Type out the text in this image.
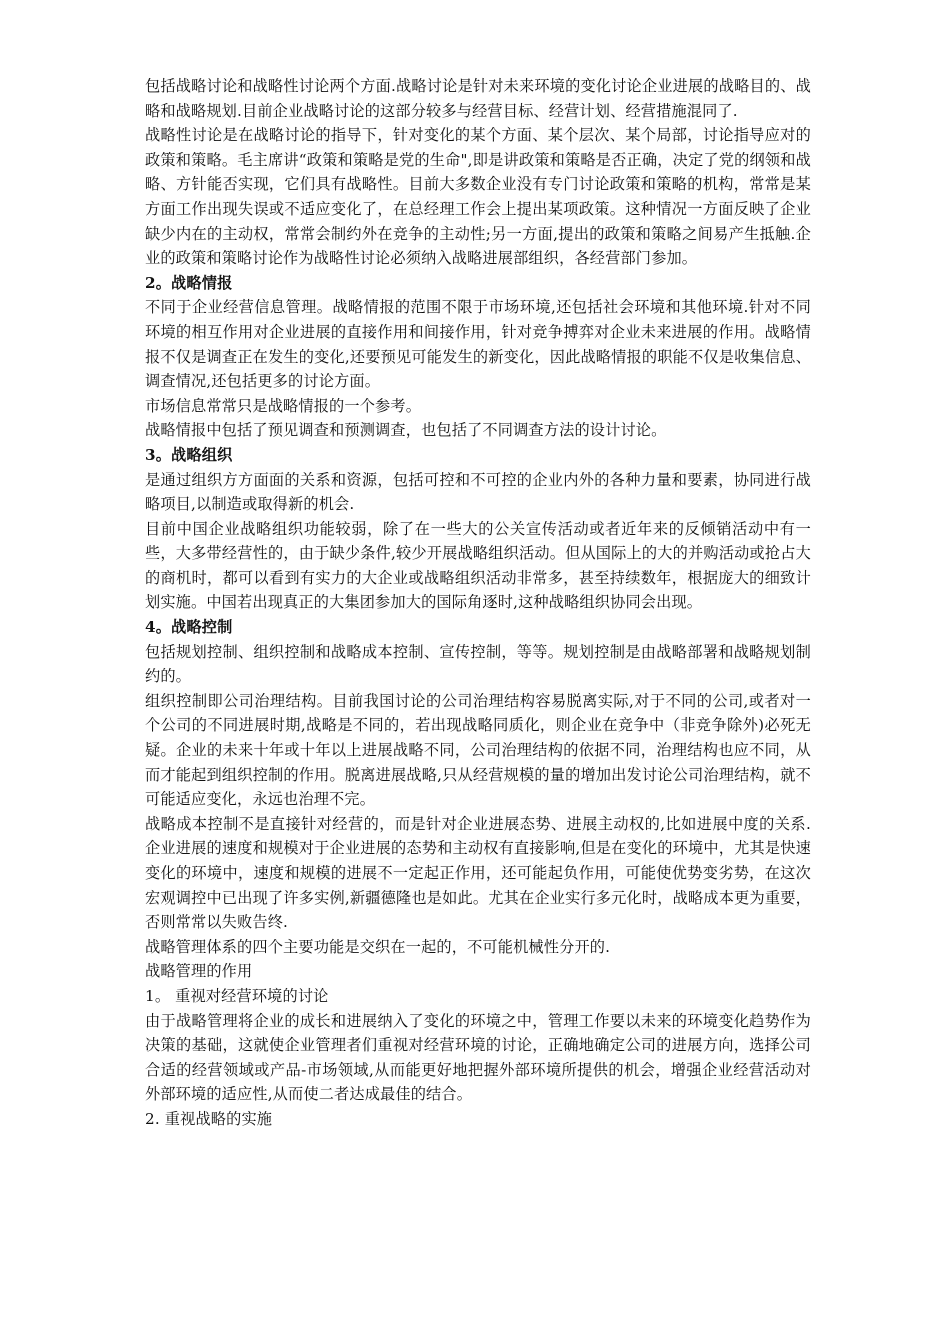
包括战略讨论和战略性讨论两个方面.战略讨论是针对未来环境的变化讨论企业进展的战略目的、战略和战略规划.目前企业战略讨论的这部分较多与经营目标、经营计划、经营措施混同了.

战略性讨论是在战略讨论的指导下，针对变化的某个方面、某个层次、某个局部，讨论指导应对的政策和策略。毛主席讲“政策和策略是党的生命",即是讲政策和策略是否正确，决定了党的纲领和战略、方针能否实现，它们具有战略性。目前大多数企业没有专门讨论政策和策略的机构，常常是某方面工作出现失误或不适应变化了，在总经理工作会上提出某项政策。这种情况一方面反映了企业缺少内在的主动权，常常会制约外在竞争的主动性;另一方面,提出的政策和策略之间易产生抵触.企业的政策和策略讨论作为战略性讨论必须纳入战略进展部组织，各经营部门参加。

2。战略情报

不同于企业经营信息管理。战略情报的范围不限于市场环境,还包括社会环境和其他环境.针对不同环境的相互作用对企业进展的直接作用和间接作用，针对竞争搏弈对企业未来进展的作用。战略情报不仅是调查正在发生的变化,还要预见可能发生的新变化，因此战略情报的职能不仅是收集信息、调查情况,还包括更多的讨论方面。

市场信息常常只是战略情报的一个参考。

战略情报中包括了预见调查和预测调查，也包括了不同调查方法的设计讨论。

3。战略组织

是通过组织方方面面的关系和资源，包括可控和不可控的企业内外的各种力量和要素，协同进行战略项目,以制造或取得新的机会.

目前中国企业战略组织功能较弱，除了在一些大的公关宣传活动或者近年来的反倾销活动中有一些，大多带经营性的，由于缺少条件,较少开展战略组织活动。但从国际上的大的并购活动或抢占大的商机时，都可以看到有实力的大企业或战略组织活动非常多，甚至持续数年，根据庞大的细致计划实施。中国若出现真正的大集团参加大的国际角逐时,这种战略组织协同会出现。

4。战略控制

包括规划控制、组织控制和战略成本控制、宣传控制，等等。规划控制是由战略部署和战略规划制约的。

组织控制即公司治理结构。目前我国讨论的公司治理结构容易脱离实际,对于不同的公司,或者对一个公司的不同进展时期,战略是不同的，若出现战略同质化，则企业在竞争中（非竞争除外)必死无疑。企业的未来十年或十年以上进展战略不同，公司治理结构的依据不同，治理结构也应不同，从而才能起到组织控制的作用。脱离进展战略,只从经营规模的量的增加出发讨论公司治理结构，就不可能适应变化，永远也治理不完。

战略成本控制不是直接针对经营的，而是针对企业进展态势、进展主动权的,比如进展中度的关系.企业进展的速度和规模对于企业进展的态势和主动权有直接影响,但是在变化的环境中，尤其是快速变化的环境中，速度和规模的进展不一定起正作用，还可能起负作用，可能使优势变劣势，在这次宏观调控中已出现了许多实例,新疆德隆也是如此。尤其在企业实行多元化时，战略成本更为重要，否则常常以失败告终.

战略管理体系的四个主要功能是交织在一起的，不可能机械性分开的.

战略管理的作用

1。 重视对经营环境的讨论

由于战略管理将企业的成长和进展纳入了变化的环境之中，管理工作要以未来的环境变化趋势作为决策的基础，这就使企业管理者们重视对经营环境的讨论，正确地确定公司的进展方向，选择公司合适的经营领域或产品-市场领域,从而能更好地把握外部环境所提供的机会，增强企业经营活动对外部环境的适应性,从而使二者达成最佳的结合。

2. 重视战略的实施
